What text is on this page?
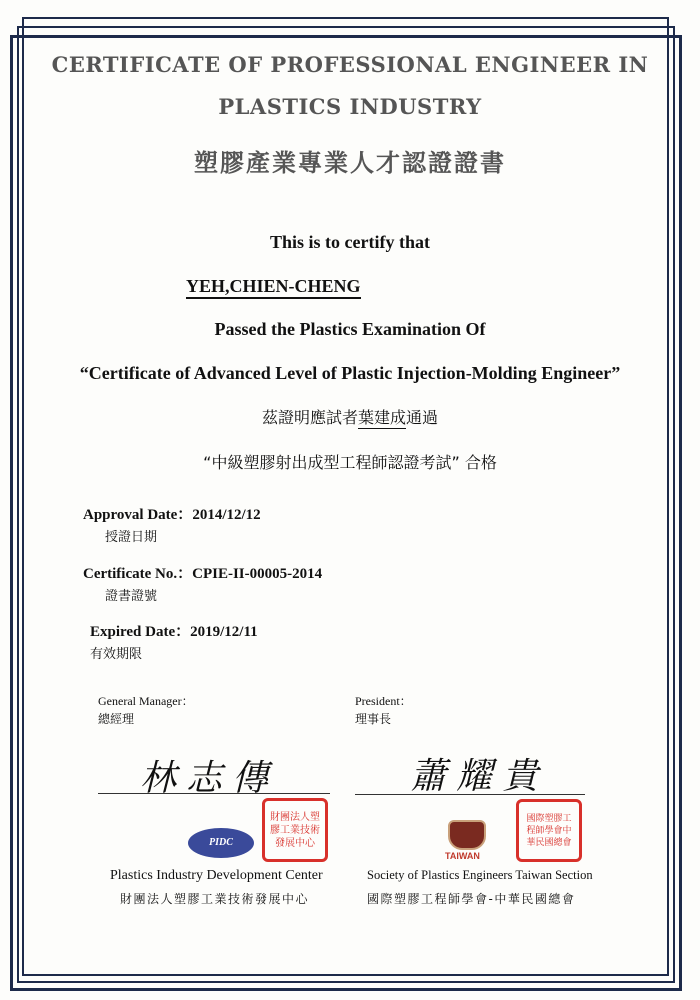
CERTIFICATE OF PROFESSIONAL ENGINEER IN
PLASTICS INDUSTRY
塑膠產業專業人才認證證書
This is to certify that
YEH,CHIEN-CHENG
Passed the Plastics Examination Of
“Certificate of Advanced Level of Plastic Injection-Molding Engineer”
茲證明應試者葉建成通過
“中級塑膠射出成型工程師認證考試” 合格
Approval Date：2014/12/12
授證日期
Certificate No.：CPIE-II-00005-2014
證書證號
Expired Date：2019/12/11
有效期限
General Manager：
總經理
林志傳
財團法人塑膠工業技術發展中心
PIDC
Plastics Industry Development Center
財團法人塑膠工業技術發展中心
President：
理事長
蕭耀貴
國際塑膠工程師學會中華民國總會
TAIWAN
Society of Plastics Engineers Taiwan Section
國際塑膠工程師學會-中華民國總會
